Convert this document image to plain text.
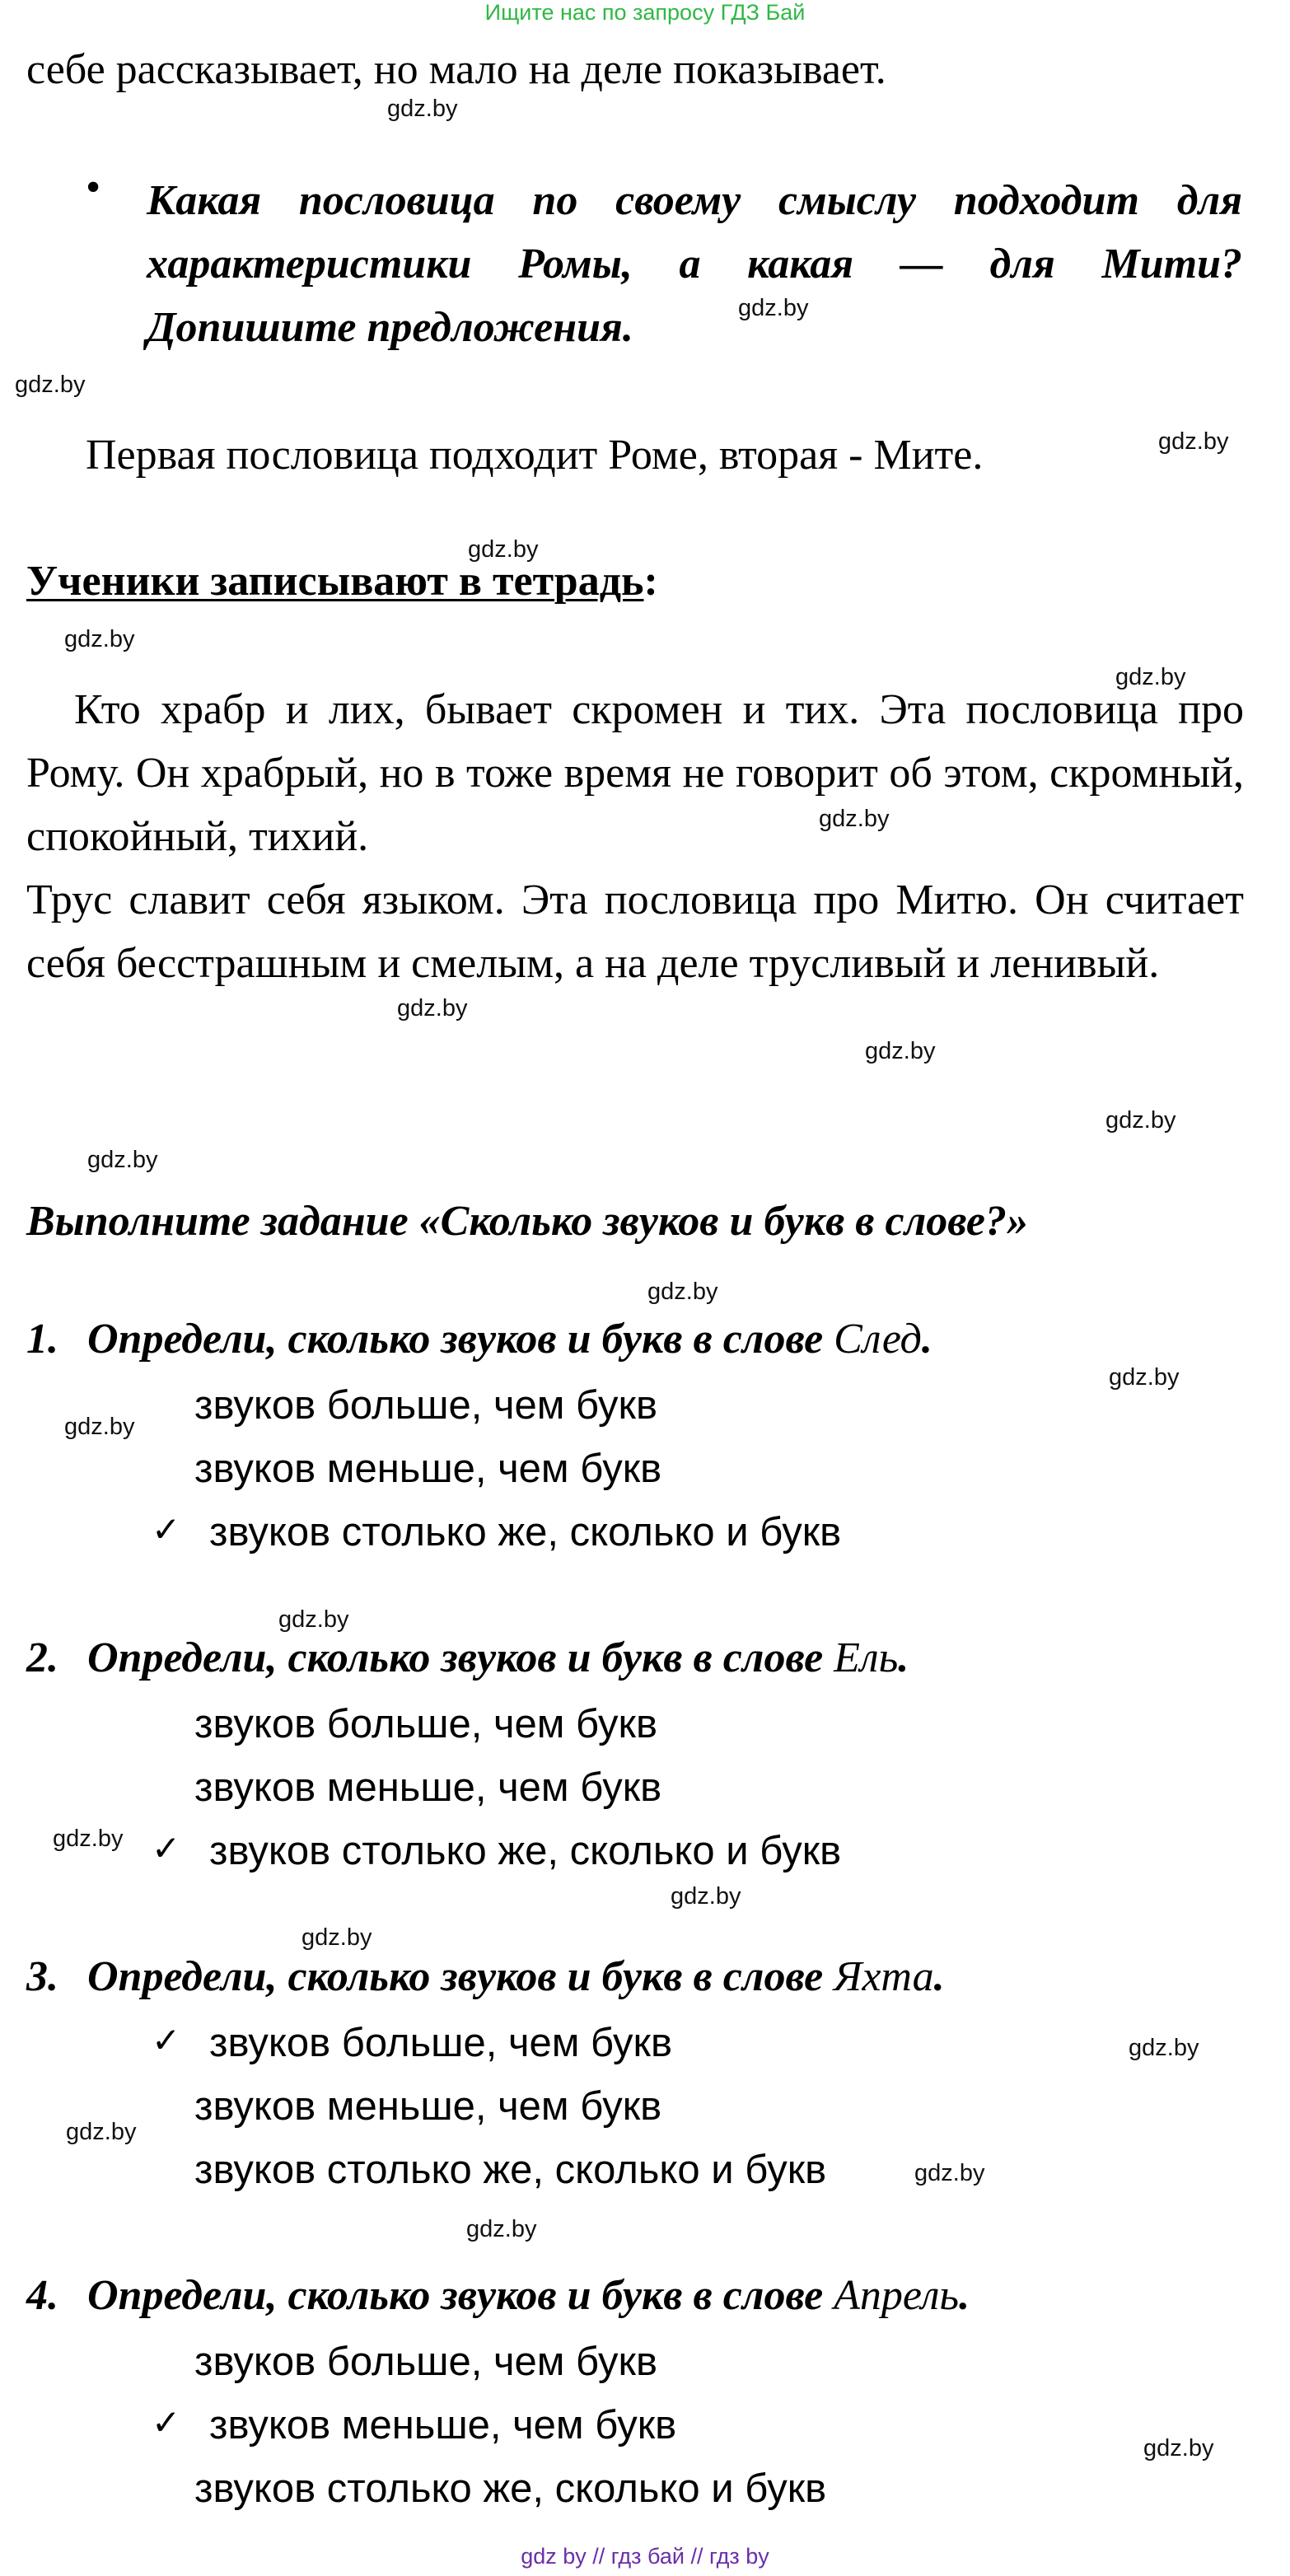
Ищите нас по запросу ГДЗ Бай
себе рассказывает, но мало на деле показывает.
• Какая пословица по своему смыслу подходит для характеристики Ромы, а какая — для Мити? Допишите предложения.
Первая пословица подходит Роме, вторая - Мите.
Ученики записывают в тетрадь:
Кто храбр и лих, бывает скромен и тих. Эта пословица про Рому. Он храбрый, но в тоже время не говорит об этом, скромный, спокойный, тихий.
Трус славит себя языком. Эта пословица про Митю. Он считает себя бесстрашным и смелым, а на деле трусливый и ленивый.
Выполните задание «Сколько звуков и букв в слове?»
1. Определи, сколько звуков и букв в слове След.
звуков больше, чем букв
звуков меньше, чем букв
✓ звуков столько же, сколько и букв
2. Определи, сколько звуков и букв в слове Ель.
звуков больше, чем букв
звуков меньше, чем букв
✓ звуков столько же, сколько и букв
3. Определи, сколько звуков и букв в слове Яхта.
✓ звуков больше, чем букв
звуков меньше, чем букв
звуков столько же, сколько и букв
4. Определи, сколько звуков и букв в слове Апрель.
звуков больше, чем букв
✓ звуков меньше, чем букв
звуков столько же, сколько и букв
gdz.by
gdz.by
gdz.by
gdz.by
gdz.by
gdz.by
gdz.by
gdz.by
gdz.by
gdz.by
gdz.by
gdz.by
gdz.by
gdz.by
gdz.by
gdz.by
gdz.by
gdz.by
gdz.by
gdz.by
gdz.by
gdz.by
gdz.by
gdz.by
gdz by // гдз бай // гдз by
